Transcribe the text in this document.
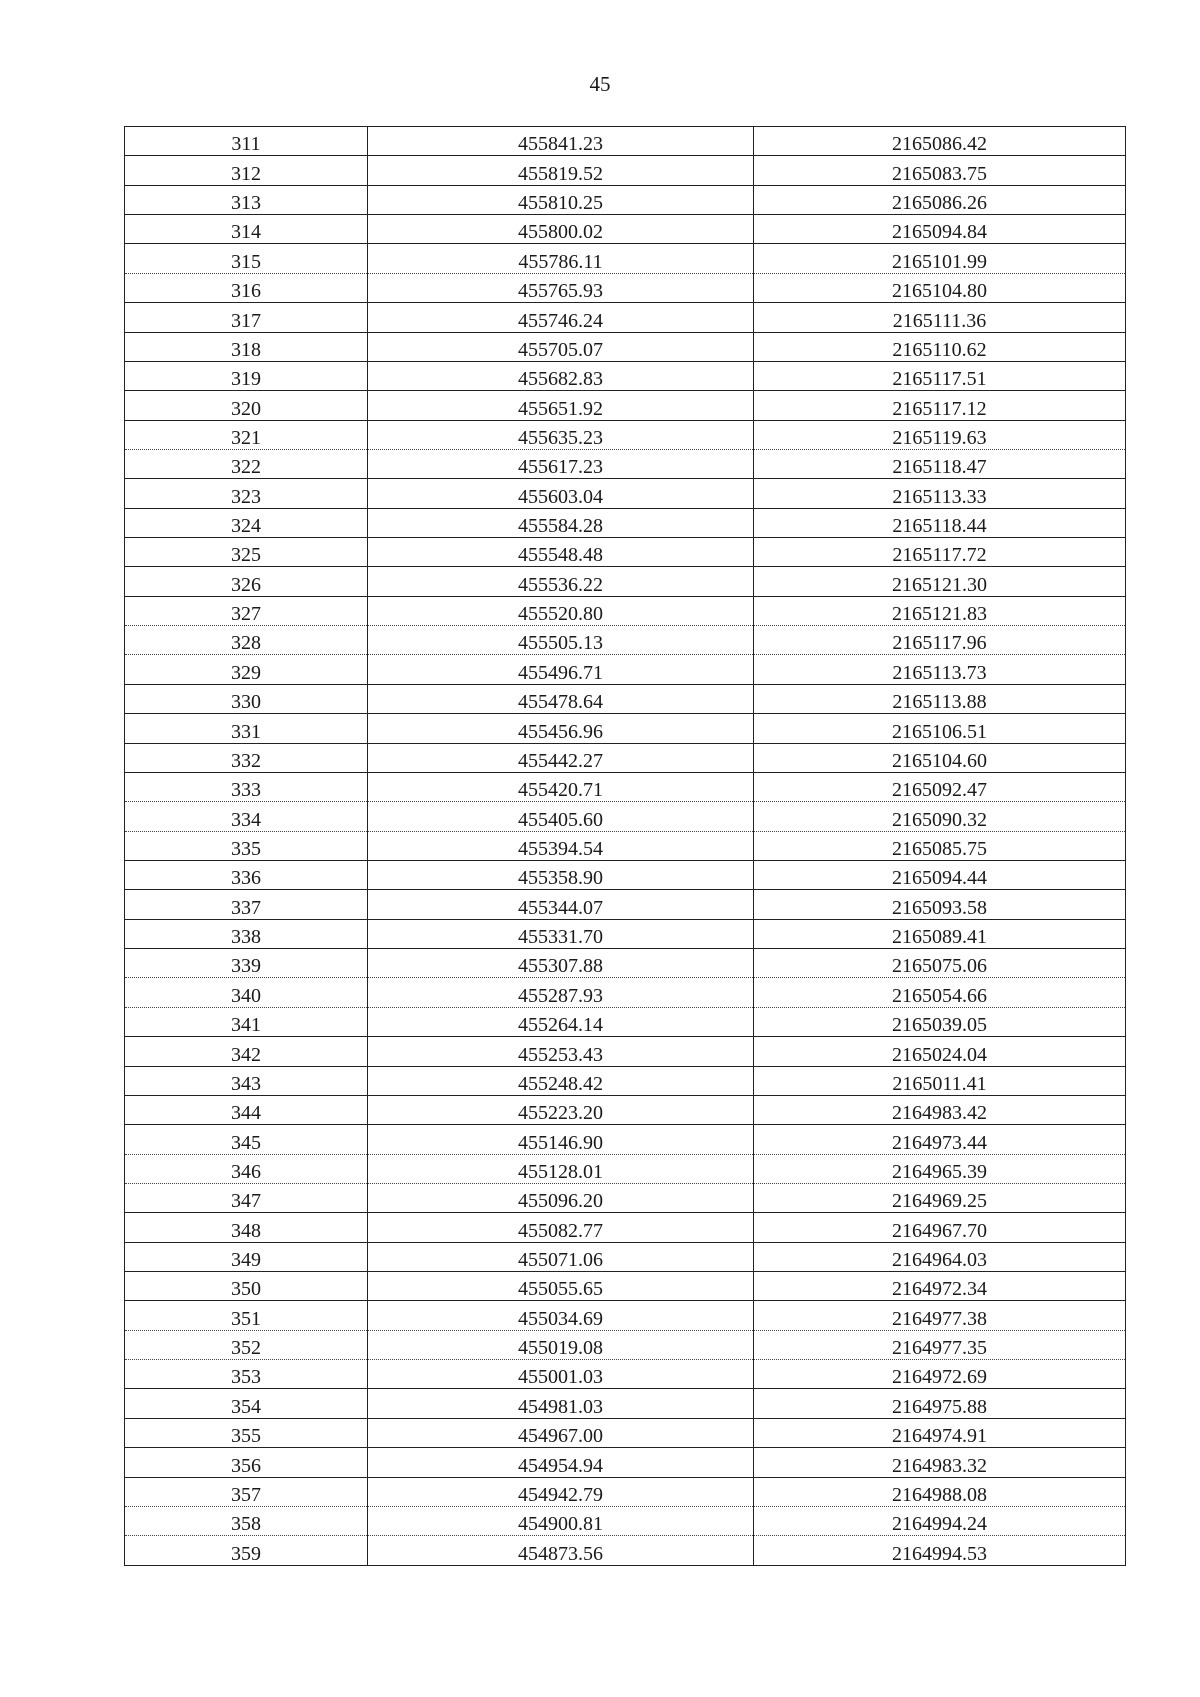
45
311	455841.23	2165086.42
312	455819.52	2165083.75
313	455810.25	2165086.26
314	455800.02	2165094.84
315	455786.11	2165101.99
316	455765.93	2165104.80
317	455746.24	2165111.36
318	455705.07	2165110.62
319	455682.83	2165117.51
320	455651.92	2165117.12
321	455635.23	2165119.63
322	455617.23	2165118.47
323	455603.04	2165113.33
324	455584.28	2165118.44
325	455548.48	2165117.72
326	455536.22	2165121.30
327	455520.80	2165121.83
328	455505.13	2165117.96
329	455496.71	2165113.73
330	455478.64	2165113.88
331	455456.96	2165106.51
332	455442.27	2165104.60
333	455420.71	2165092.47
334	455405.60	2165090.32
335	455394.54	2165085.75
336	455358.90	2165094.44
337	455344.07	2165093.58
338	455331.70	2165089.41
339	455307.88	2165075.06
340	455287.93	2165054.66
341	455264.14	2165039.05
342	455253.43	2165024.04
343	455248.42	2165011.41
344	455223.20	2164983.42
345	455146.90	2164973.44
346	455128.01	2164965.39
347	455096.20	2164969.25
348	455082.77	2164967.70
349	455071.06	2164964.03
350	455055.65	2164972.34
351	455034.69	2164977.38
352	455019.08	2164977.35
353	455001.03	2164972.69
354	454981.03	2164975.88
355	454967.00	2164974.91
356	454954.94	2164983.32
357	454942.79	2164988.08
358	454900.81	2164994.24
359	454873.56	2164994.53
